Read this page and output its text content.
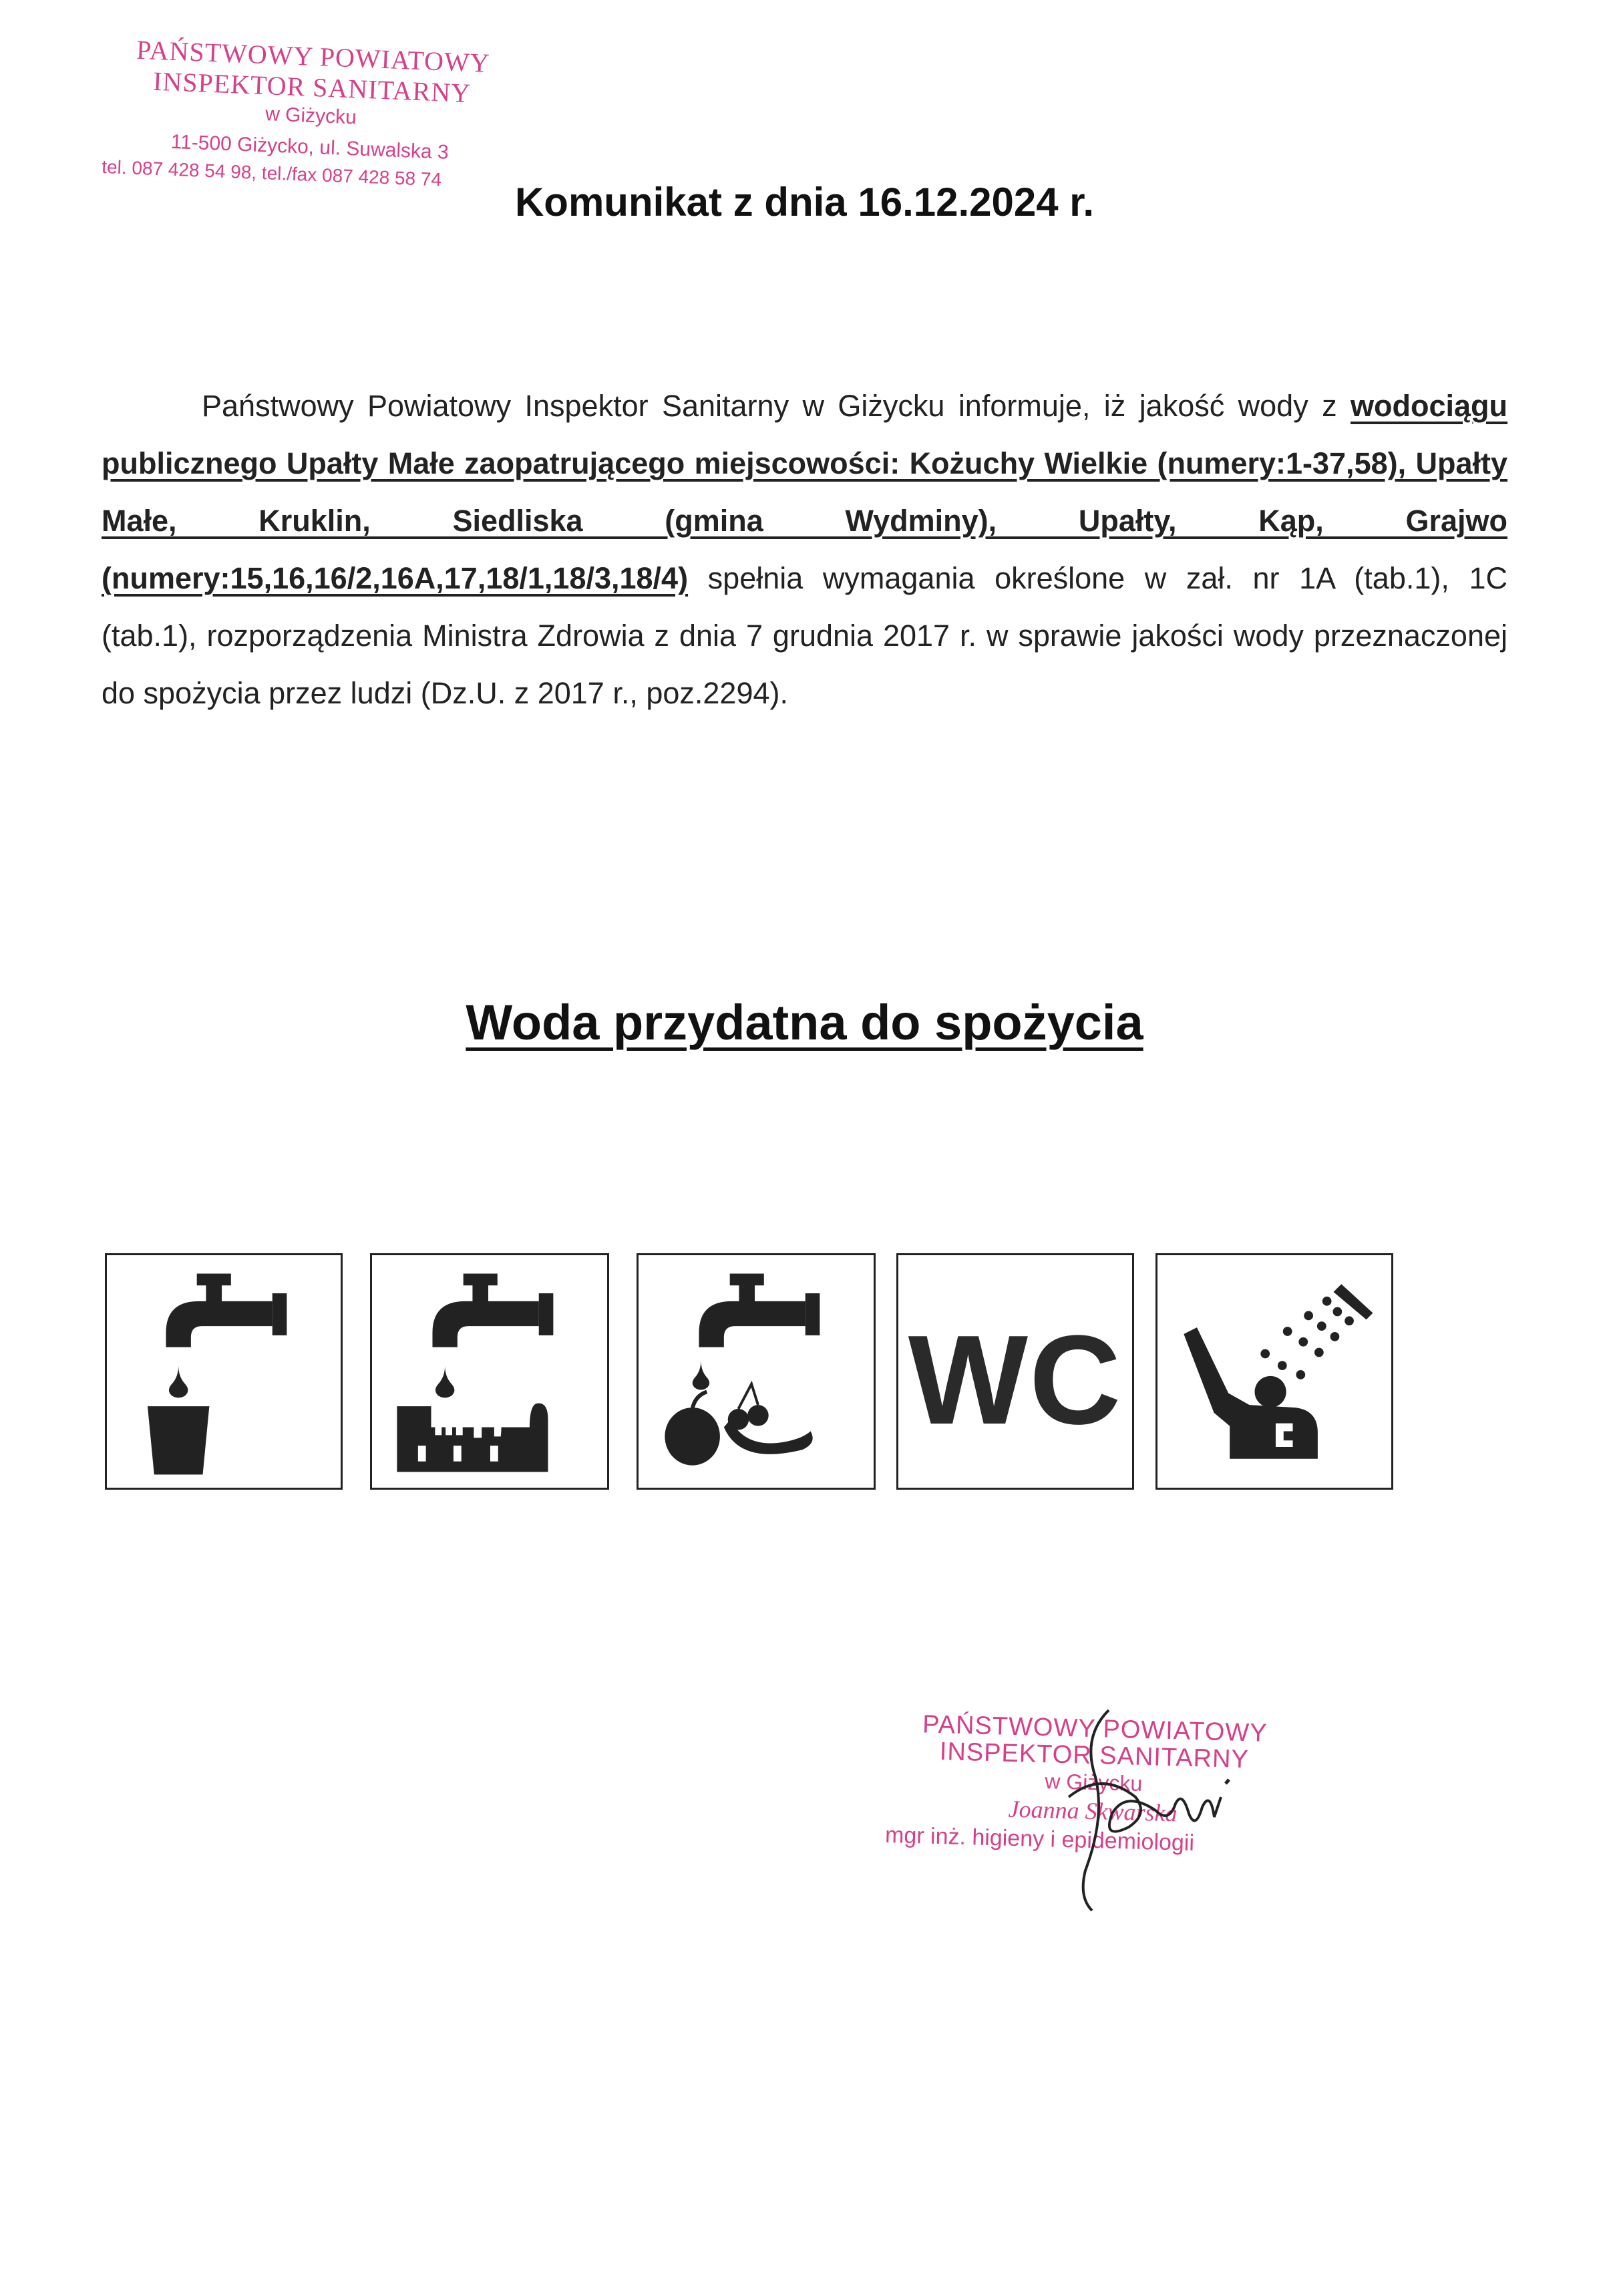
PAŃSTWOWY POWIATOWY
INSPEKTOR SANITARNY
w Giżycku
11-500 Giżycko, ul. Suwalska 3
tel. 087 428 54 98, tel./fax 087 428 58 74
Komunikat z dnia 16.12.2024 r.
Państwowy Powiatowy Inspektor Sanitarny w Giżycku informuje, iż jakość wody z wodociągu publicznego Upałty Małe zaopatrującego miejscowości: Kożuchy Wielkie (numery:1-37,58), Upałty Małe, Kruklin, Siedliska (gmina Wydminy), Upałty, Kąp, Grajwo (numery:15,16,16/2,16A,17,18/1,18/3,18/4) spełnia wymagania określone w zał. nr 1A (tab.1), 1C (tab.1), rozporządzenia Ministra Zdrowia z dnia 7 grudnia 2017 r. w sprawie jakości wody przeznaczonej do spożycia przez ludzi (Dz.U. z 2017 r., poz.2294).
Woda przydatna do spożycia
WC
PAŃSTWOWY POWIATOWY
INSPEKTOR SANITARNY
w Giżycku
Joanna Skwarska
mgr inż. higieny i epidemiologii
